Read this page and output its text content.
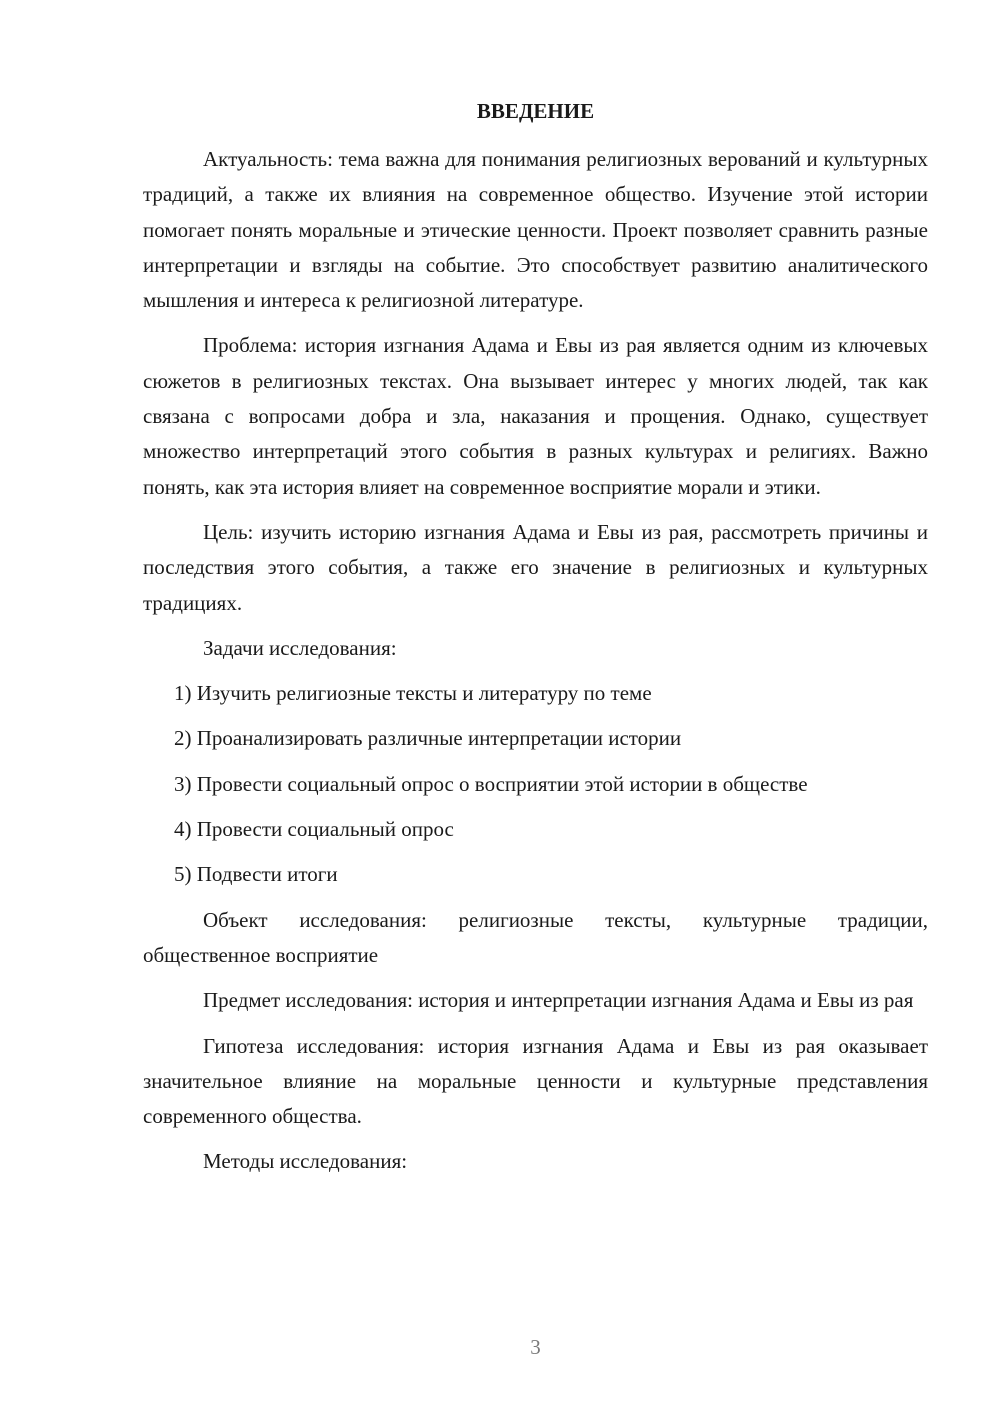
ВВЕДЕНИЕ

Актуальность: тема важна для понимания религиозных верований и культурных традиций, а также их влияния на современное общество. Изучение этой истории помогает понять моральные и этические ценности. Проект позволяет сравнить разные интерпретации и взгляды на событие. Это способствует развитию аналитического мышления и интереса к религиозной литературе.

Проблема: история изгнания Адама и Евы из рая является одним из ключевых сюжетов в религиозных текстах. Она вызывает интерес у многих людей, так как связана с вопросами добра и зла, наказания и прощения. Однако, существует множество интерпретаций этого события в разных культурах и религиях. Важно понять, как эта история влияет на современное восприятие морали и этики.

Цель: изучить историю изгнания Адама и Евы из рая, рассмотреть причины и последствия этого события, а также его значение в религиозных и культурных традициях.

Задачи исследования:

1) Изучить религиозные тексты и литературу по теме
2) Проанализировать различные интерпретации истории
3) Провести социальный опрос о восприятии этой истории в обществе
4) Провести социальный опрос
5) Подвести итоги

Объект исследования: религиозные тексты, культурные традиции, общественное восприятие

Предмет исследования: история и интерпретации изгнания Адама и Евы из рая

Гипотеза исследования: история изгнания Адама и Евы из рая оказывает значительное влияние на моральные ценности и культурные представления современного общества.

Методы исследования:

3
